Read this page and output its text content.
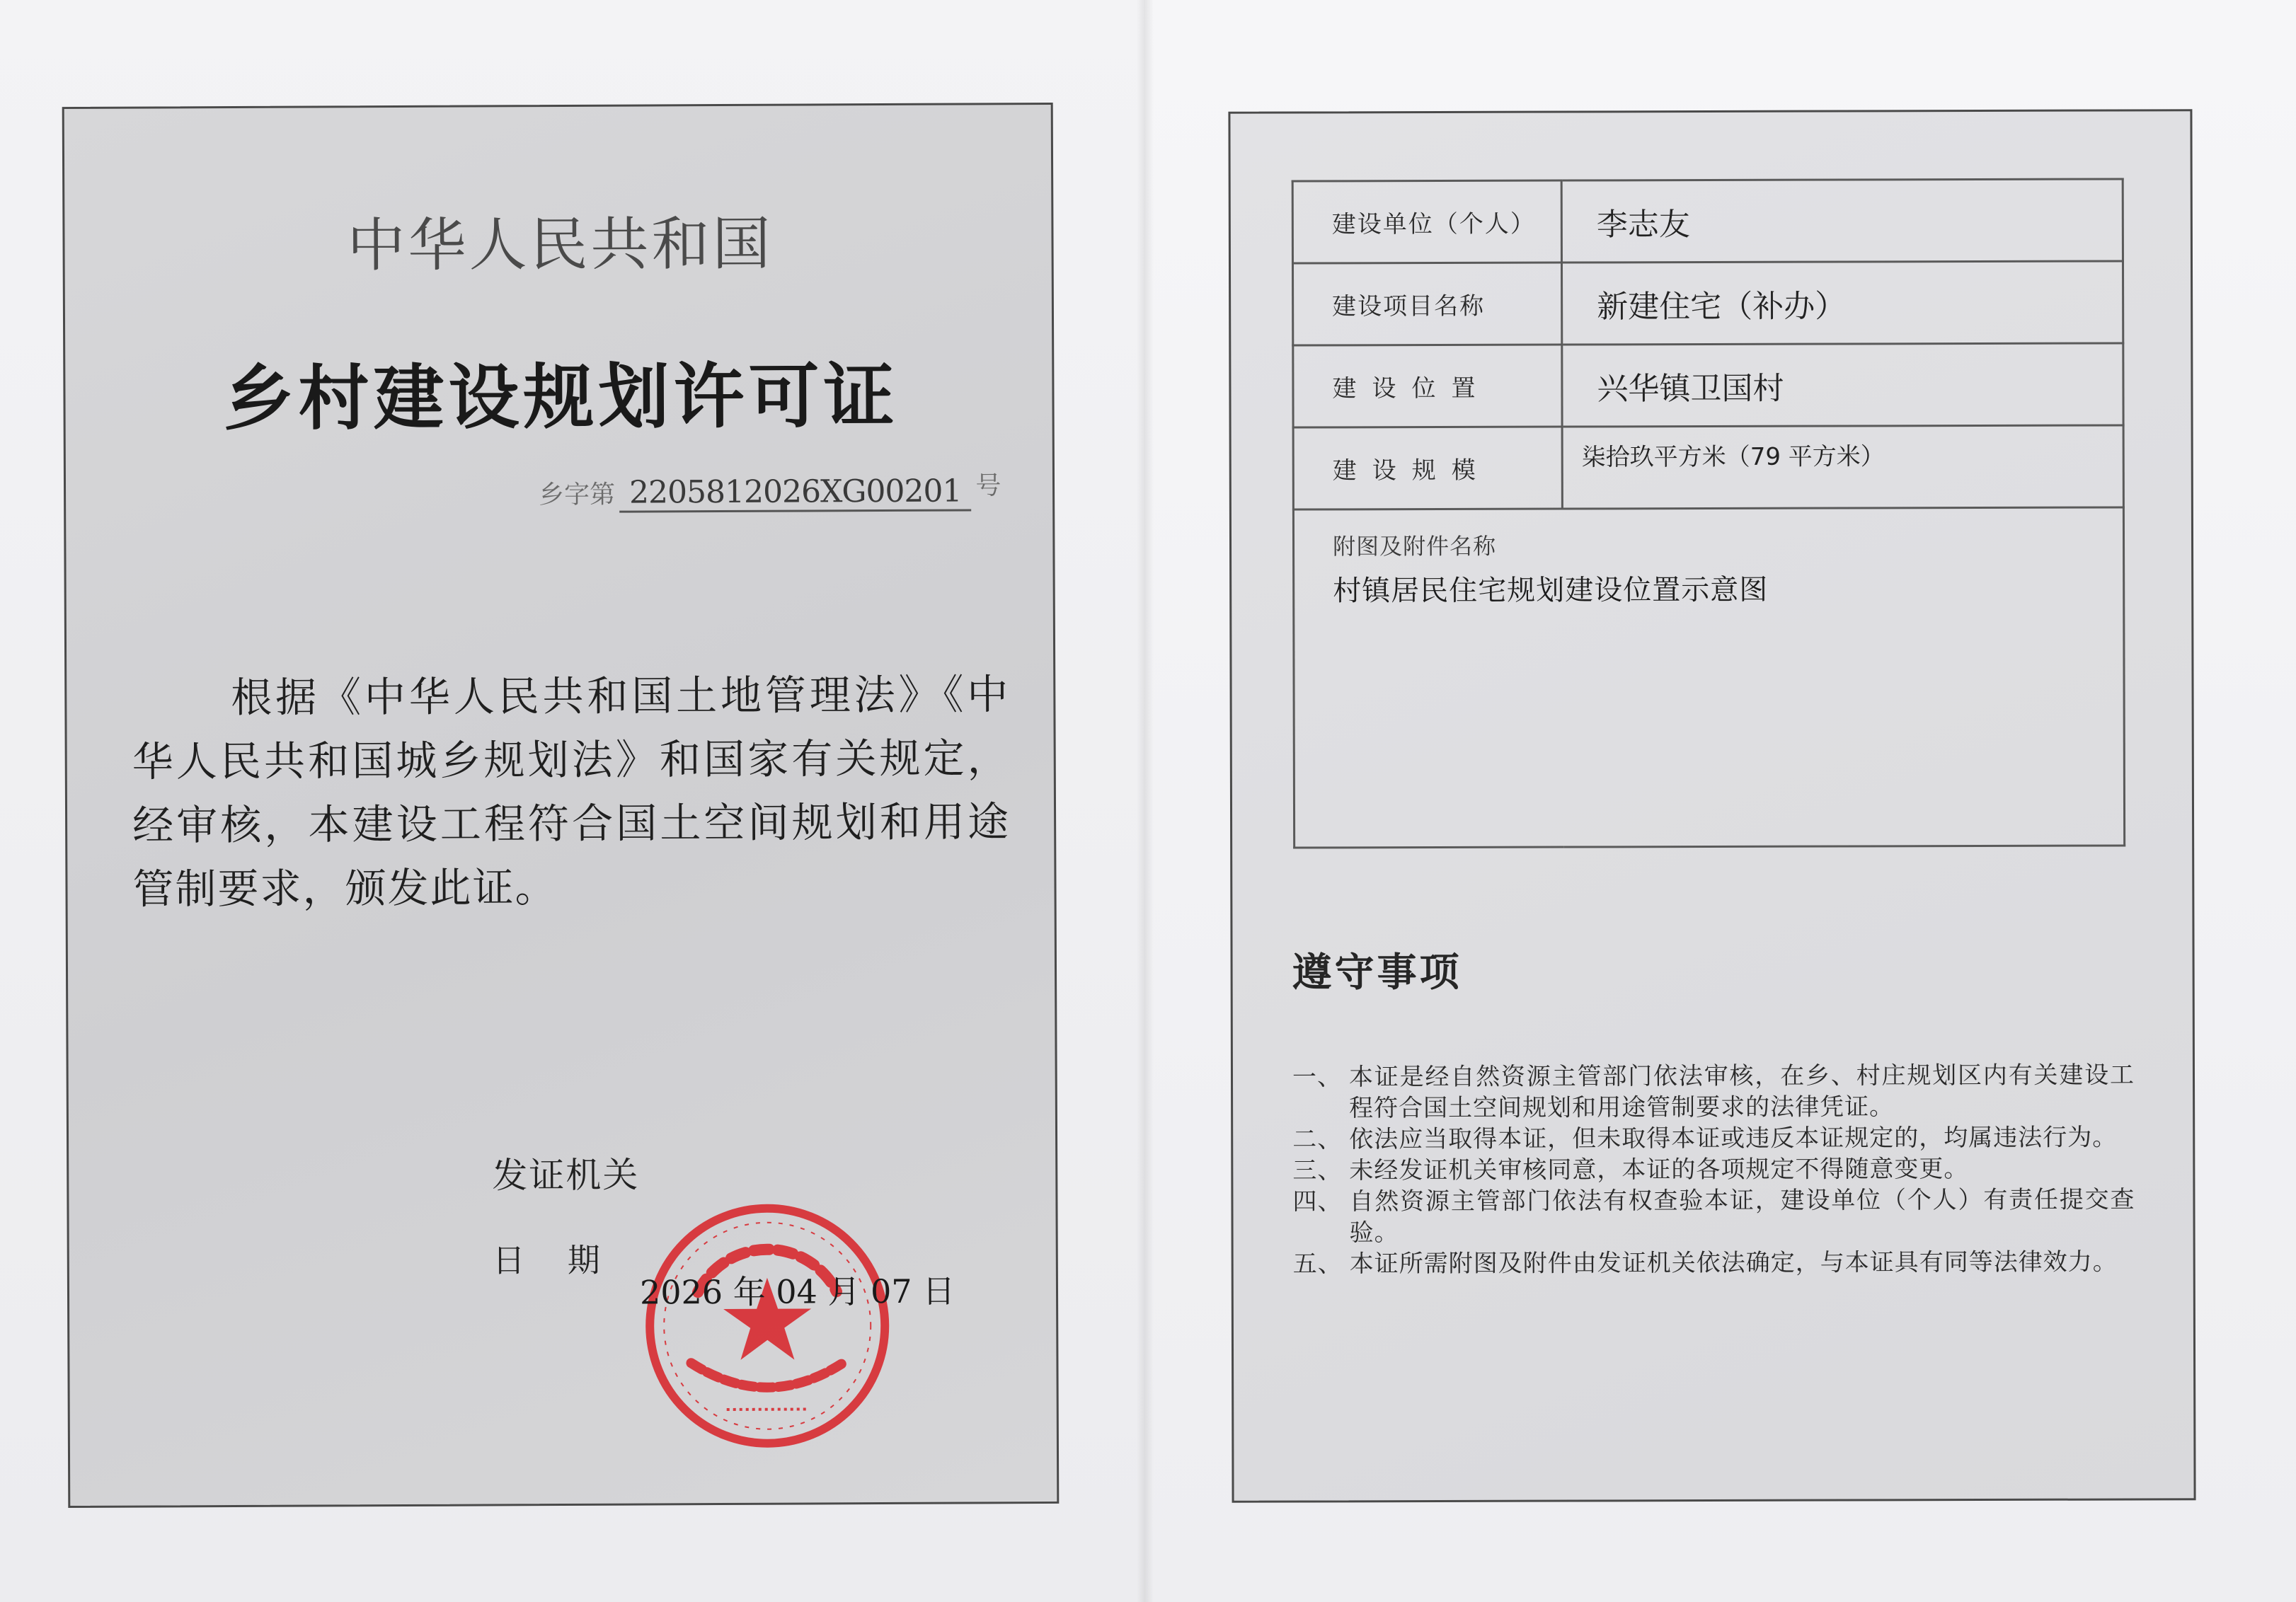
中华人民共和国
乡村建设规划许可证
乡字第 2205812026XG00201 号
根据《中华人民共和国土地管理法》《中华人民共和国城乡规划法》和国家有关规定，经审核，本建设工程符合国土空间规划和用途管制要求，颁发此证。
发证机关
日期
2026 年 04 月 07 日
建设单位（个人）	李志友
建设项目名称	新建住宅（补办）
建设位置	兴华镇卫国村
建设规模	柒拾玖平方米（79 平方米）

附图及附件名称
村镇居民住宅规划建设位置示意图	
遵守事项
一、 本证是经自然资源主管部门依法审核，在乡、村庄规划区内有关建设工程符合国土空间规划和用途管制要求的法律凭证。
二、 依法应当取得本证，但未取得本证或违反本证规定的，均属违法行为。
三、 未经发证机关审核同意，本证的各项规定不得随意变更。
四、 自然资源主管部门依法有权查验本证，建设单位（个人）有责任提交查验。
五、 本证所需附图及附件由发证机关依法确定，与本证具有同等法律效力。
